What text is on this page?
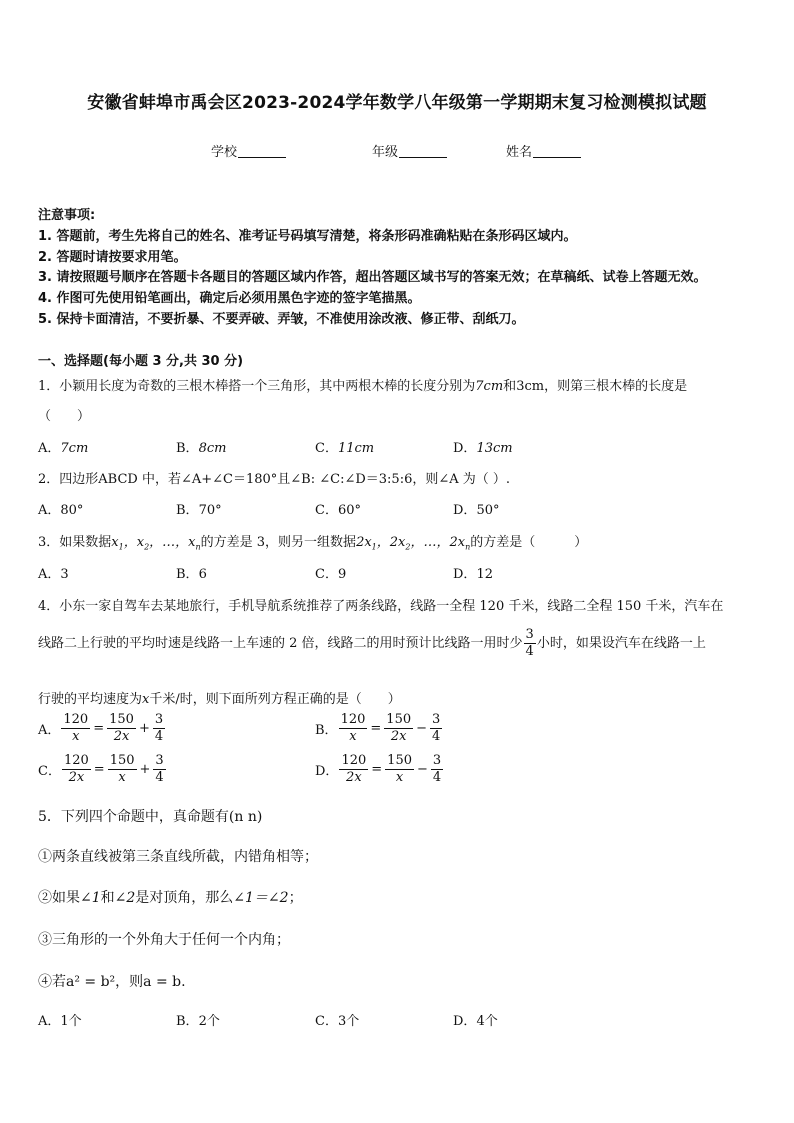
安徽省蚌埠市禹会区2023-2024学年数学八年级第一学期期末复习检测模拟试题
学校	年级	姓名
注意事项:
1. 答题前，考生先将自己的姓名、准考证号码填写清楚，将条形码准确粘贴在条形码区域内。
2. 答题时请按要求用笔。
3. 请按照题号顺序在答题卡各题目的答题区域内作答，超出答题区域书写的答案无效；在草稿纸、试卷上答题无效。
4. 作图可先使用铅笔画出，确定后必须用黑色字迹的签字笔描黑。
5. 保持卡面清洁，不要折暴、不要弄破、弄皱，不准使用涂改液、修正带、刮纸刀。
一、选择题(每小题 3 分,共 30 分)
1．小颖用长度为奇数的三根木棒搭一个三角形，其中两根木棒的长度分别为7cm和3cm，则第三根木棒的长度是
（　　）
A．7cm	B．8cm	C．11cm	D．13cm
2．四边形ABCD 中，若∠A+∠C＝180°且∠B: ∠C:∠D＝3:5:6，则∠A 为（ ）.
A．80°	B．70°	C．60°	D．50°
3．如果数据$x_1$，$x_2$，…，$x_n$的方差是 3，则另一组数据$2x_1$，$2x_2$，…，$2x_n$的方差是（　　　）
A．3	B．6	C．9	D．12
4．小东一家自驾车去某地旅行，手机导航系统推荐了两条线路，线路一全程 120 千米，线路二全程 150 千米，汽车在
线路二上行驶的平均时速是线路一上车速的 2 倍，线路二的用时预计比线路一用时少 $\frac{3}{4}$ 小时，如果设汽车在线路一上
行驶的平均速度为x千米/时，则下面所列方程正确的是（　　）
A． $\frac{120}{x} = \frac{150}{2x} + \frac{3}{4}$	B． $\frac{120}{x} = \frac{150}{2x} - \frac{3}{4}$
C． $\frac{120}{2x} = \frac{150}{x} + \frac{3}{4}$	D． $\frac{120}{2x} = \frac{150}{x} - \frac{3}{4}$
5．下列四个命题中，真命题有(n n)
①两条直线被第三条直线所截，内错角相等；
②如果∠1和∠2是对顶角，那么∠1＝∠2；
③三角形的一个外角大于任何一个内角；
④若a² = b²，则a = b.
A．1个	B．2个	C．3个	D．4个
